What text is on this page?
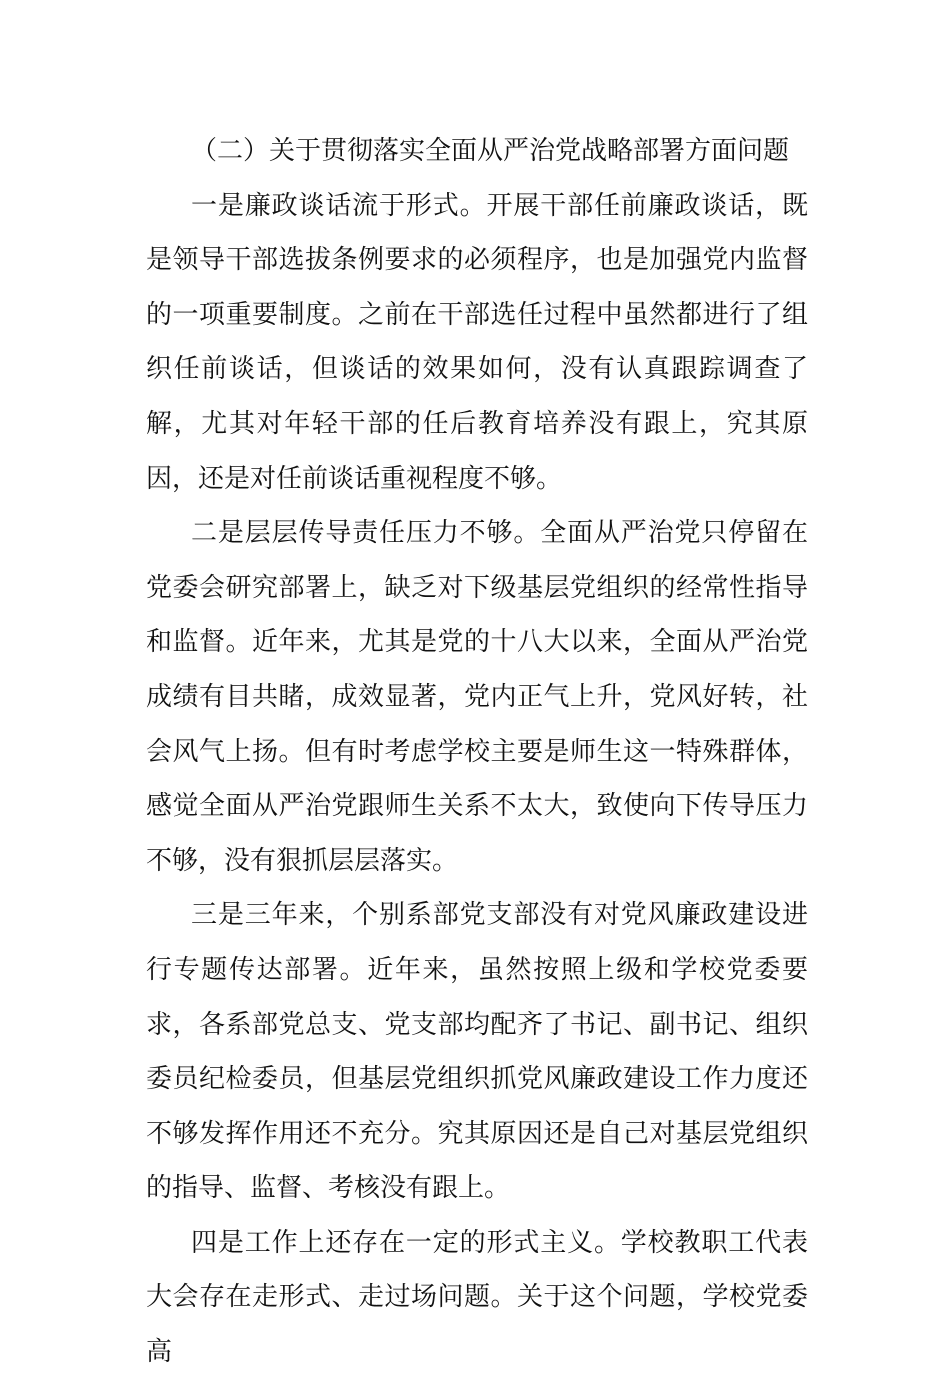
（二）关于贯彻落实全面从严治党战略部署方面问题

一是廉政谈话流于形式。开展干部任前廉政谈话，既是领导干部选拔条例要求的必须程序，也是加强党内监督的一项重要制度。之前在干部选任过程中虽然都进行了组织任前谈话，但谈话的效果如何，没有认真跟踪调查了解，尤其对年轻干部的任后教育培养没有跟上，究其原因，还是对任前谈话重视程度不够。

二是层层传导责任压力不够。全面从严治党只停留在党委会研究部署上，缺乏对下级基层党组织的经常性指导和监督。近年来，尤其是党的十八大以来，全面从严治党成绩有目共睹，成效显著，党内正气上升，党风好转，社会风气上扬。但有时考虑学校主要是师生这一特殊群体，感觉全面从严治党跟师生关系不太大，致使向下传导压力不够，没有狠抓层层落实。

三是三年来，个别系部党支部没有对党风廉政建设进行专题传达部署。近年来，虽然按照上级和学校党委要求，各系部党总支、党支部均配齐了书记、副书记、组织委员纪检委员，但基层党组织抓党风廉政建设工作力度还不够发挥作用还不充分。究其原因还是自己对基层党组织的指导、监督、考核没有跟上。

四是工作上还存在一定的形式主义。学校教职工代表大会存在走形式、走过场问题。关于这个问题，学校党委高
